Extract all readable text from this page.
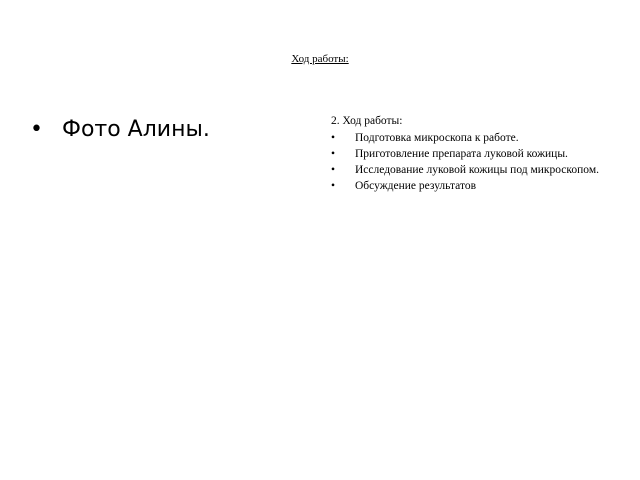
Ход работы:
• Фото Алины.	2. Ход работы:
•	Подготовка микроскопа к работе.
•	Приготовление препарата луковой кожицы.
•	Исследование луковой кожицы под микроскопом.
•	Обсуждение результатов
